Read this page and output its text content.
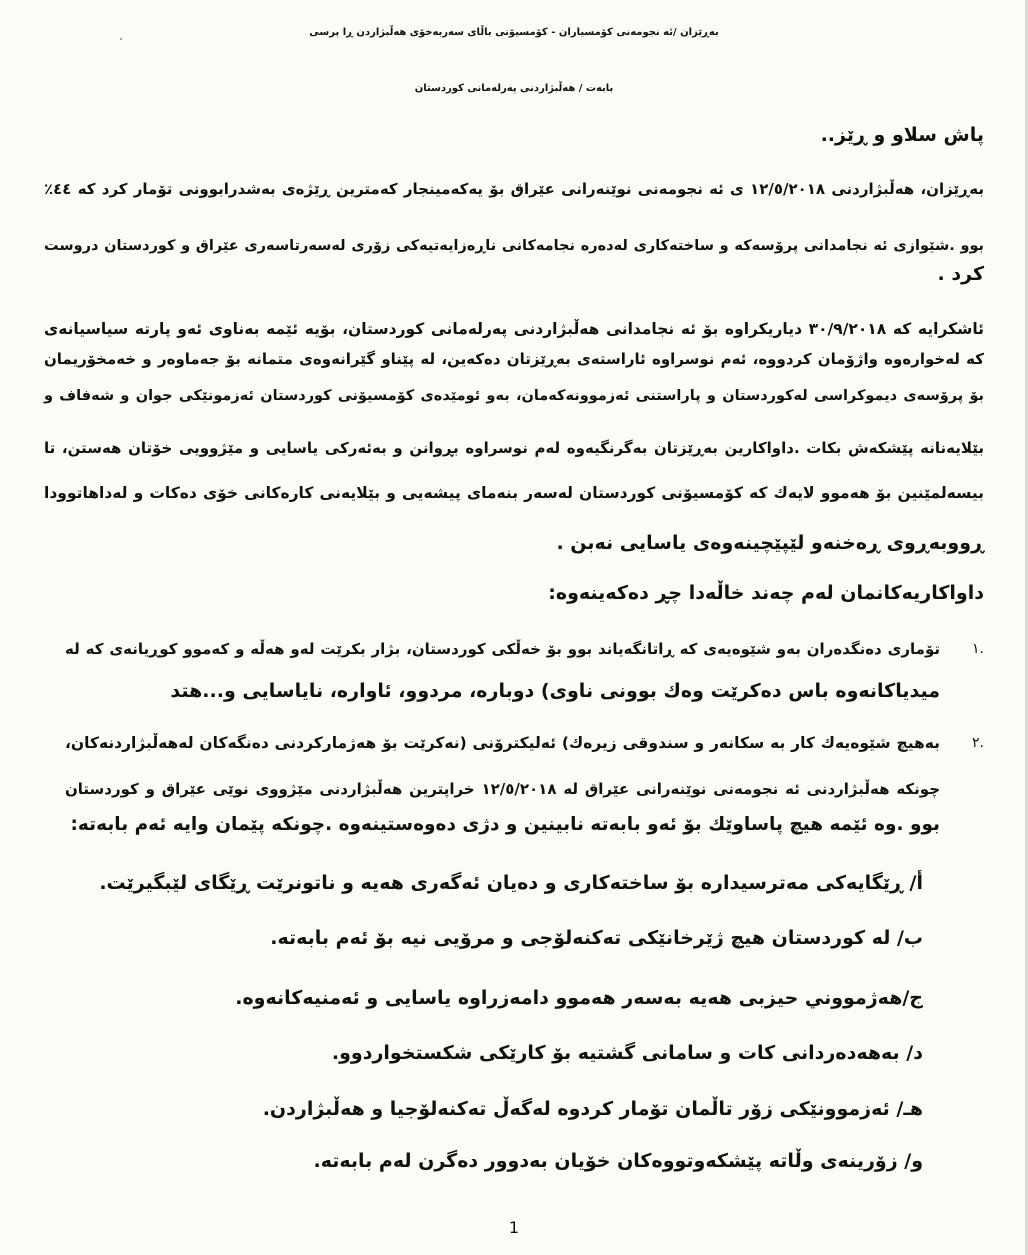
بەڕێزان /ئە نجومەنی کۆمسیاران - کۆمسیۆنی باڵای سەربەخۆی هەڵبژاردن ڕا پرسی
بابەت / هەڵبژاردنی پەرلەمانی کوردستان
پاش سلاو و ڕێز..
بەڕێزان، هەڵبژاردنی ١٢/٥/٢٠١٨ ی ئە نجومەنی نوێنەرانی عێراق بۆ یەکەمینجار کەمترین ڕێژەی بەشدرابوونی تۆمار کرد کە ٤٤٪
بوو .شێوازی ئە نجامدانی پرۆسەکە و ساختەکاری لەدەرە نجامەکانی ناڕەزایەتیەکی زۆری لەسەرتاسەری عێراق و کوردستان دروست
کرد .
ئاشکرایە کە ٣٠/٩/٢٠١٨ دیاریکراوە بۆ ئە نجامدانی هەڵبژاردنی پەرلەمانی کوردستان، بۆیە ئێمە بەناوی ئەو پارتە سیاسیانەی
کە لەخوارەوە واژۆمان کردووە، ئەم نوسراوە ئاراستەی بەڕێزتان دەکەین، لە پێناو گێرانەوەی متمانە بۆ جەماوەر و خەمخۆریمان
بۆ پرۆسەی دیموکراسی لەکوردستان و پاراستنی ئەزموونەکەمان، بەو ئومێدەی کۆمسیۆنی کوردستان ئەزمونێکی جوان و شەفاف و
بێلایەنانە پێشکەش بکات .داواکارین بەڕێزتان بەگرنگیەوە لەم نوسراوە بڕوانن و بەئەرکی یاسایی و مێژوویی خۆتان هەستن، تا
بیسەلمێنین بۆ هەموو لایەك کە کۆمسیۆنی کوردستان لەسەر بنەمای پیشەیی و بێلایەنی کارەکانی خۆی دەکات و لەداهاتوودا
ڕووبەڕوی ڕەخنەو لێپێچینەوەی یاسایی نەبن .
داواکاریەکانمان لەم چەند خاڵەدا چڕ دەکەینەوە:
.١
تۆماری دەنگدەران بەو شێوەیەی کە ڕاتانگەیاند بوو بۆ خەڵکی کوردستان، بژار بکرێت لەو هەڵە و کەموو کوڕیانەی کە لە
میدیاکانەوە باس دەکرێت وەك بوونی ناوی) دوبارە، مردوو، ئاوارە، نایاسایی و...هتد
.٢
بەهیچ شێوەیەك کار بە سکانەر و سندوقی زیرەك) ئەلیکترۆنی (نەکرێت بۆ هەژمارکردنی دەنگەکان لەهەڵبژاردنەکان،
چونکە هەڵبژاردنی ئە نجومەنی نوێنەرانی عێراق لە ١٢/٥/٢٠١٨ خراپترین هەڵبژاردنی مێژووی نوێی عێراق و کوردستان
بوو .وە ئێمە هیچ پاساوێك بۆ ئەو بابەتە نابینین و دژی دەوەستینەوە .چونکە پێمان وایە ئەم بابەتە:
أ/ ڕێگایەکی مەترسیدارە بۆ ساختەکاری و دەیان ئەگەری هەیە و ناتونرێت ڕێگای لێبگیرێت.
ب/ لە کوردستان هیچ ژێرخانێکی تەکنەلۆجی و مرۆیی نیە بۆ ئەم بابەتە.
ج/هەژمووني حیزبی هەیە بەسەر هەموو دامەزراوە یاسایی و ئەمنیەکانەوە.
د/ بەهەدەردانی کات و سامانی گشتیە بۆ کارێکی شکستخواردوو.
هـ/ ئەزموونێکی زۆر تاڵمان تۆمار کردوە لەگەڵ تەکنەلۆجیا و هەڵبژاردن.
و/ زۆرینەی وڵاتە پێشکەوتووەکان خۆیان بەدوور دەگرن لەم بابەتە.
1
